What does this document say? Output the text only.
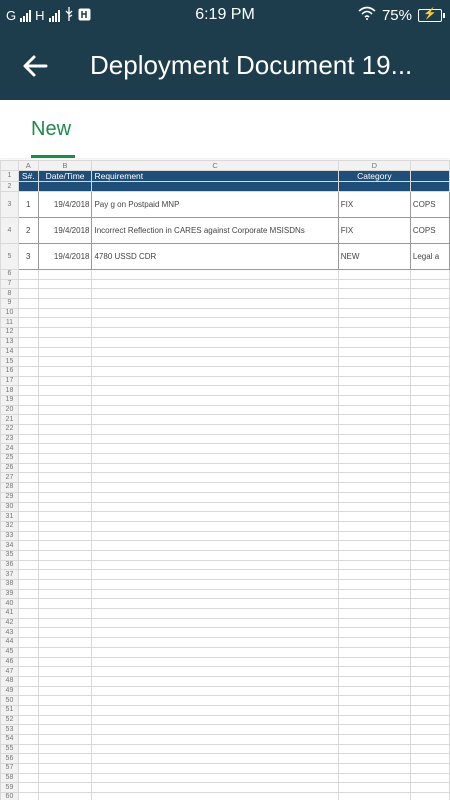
G H	6:19 PM	75%	⚡
Deployment Document 19...
New
	A	B	C	D	
1	S#.	Date/Time	Requirement	Category	
2					
3	1	19/4/2018	Pay g on Postpaid MNP	FIX	COPS
4	2	19/4/2018	Incorrect Reflection in CARES against Corporate MSISDNs	FIX	COPS
5	3	19/4/2018	4780 USSD CDR	NEW	Legal a
6					
7					
8					
9					
10					
11					
12					
13					
14					
15					
16					
17					
18					
19					
20					
21					
22					
23					
24					
25					
26					
27					
28					
29					
30					
31					
32					
33					
34					
35					
36					
37					
38					
39					
40					
41					
42					
43					
44					
45					
46					
47					
48					
49					
50					
51					
52					
53					
54					
55					
56					
57					
58					
59					
60					
